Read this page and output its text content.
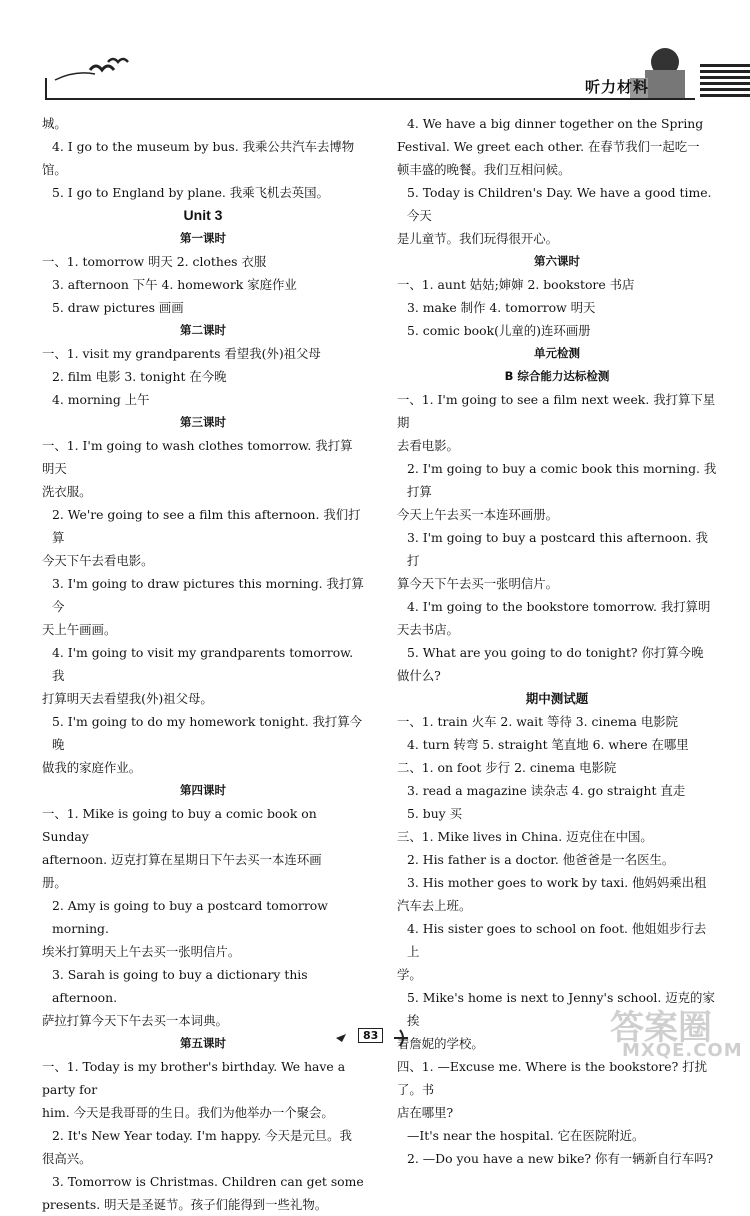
听力材料

城。

4. I go to the museum by bus. 我乘公共汽车去博物

馆。

5. I go to England by plane. 我乘飞机去英国。

Unit 3

第一课时

一、1. tomorrow 明天 2. clothes 衣服

3. afternoon 下午 4. homework 家庭作业

5. draw pictures 画画

第二课时

一、1. visit my grandparents 看望我(外)祖父母

2. film 电影 3. tonight 在今晚

4. morning 上午

第三课时

一、1. I'm going to wash clothes tomorrow. 我打算明天

洗衣服。

2. We're going to see a film this afternoon. 我们打算

今天下午去看电影。

3. I'm going to draw pictures this morning. 我打算今

天上午画画。

4. I'm going to visit my grandparents tomorrow. 我

打算明天去看望我(外)祖父母。

5. I'm going to do my homework tonight. 我打算今晚

做我的家庭作业。

第四课时

一、1. Mike is going to buy a comic book on Sunday

afternoon. 迈克打算在星期日下午去买一本连环画

册。

2. Amy is going to buy a postcard tomorrow morning.

埃米打算明天上午去买一张明信片。

3. Sarah is going to buy a dictionary this afternoon.

萨拉打算今天下午去买一本词典。

第五课时

一、1. Today is my brother's birthday. We have a party for

him. 今天是我哥哥的生日。我们为他举办一个聚会。

2. It's New Year today. I'm happy. 今天是元旦。我

很高兴。

3. Tomorrow is Christmas. Children can get some

presents. 明天是圣诞节。孩子们能得到一些礼物。

4. We have a big dinner together on the Spring

Festival. We greet each other. 在春节我们一起吃一

顿丰盛的晚餐。我们互相问候。

5. Today is Children's Day. We have a good time. 今天

是儿童节。我们玩得很开心。

第六课时

一、1. aunt 姑姑;婶婶 2. bookstore 书店

3. make 制作 4. tomorrow 明天

5. comic book(儿童的)连环画册

单元检测

B 综合能力达标检测

一、1. I'm going to see a film next week. 我打算下星期

去看电影。

2. I'm going to buy a comic book this morning. 我打算

今天上午去买一本连环画册。

3. I'm going to buy a postcard this afternoon. 我打

算今天下午去买一张明信片。

4. I'm going to the bookstore tomorrow. 我打算明

天去书店。

5. What are you going to do tonight? 你打算今晚

做什么?

期中测试题

一、1. train 火车 2. wait 等待 3. cinema 电影院

4. turn 转弯 5. straight 笔直地 6. where 在哪里

二、1. on foot 步行 2. cinema 电影院

3. read a magazine 读杂志 4. go straight 直走

5. buy 买

三、1. Mike lives in China. 迈克住在中国。

2. His father is a doctor. 他爸爸是一名医生。

3. His mother goes to work by taxi. 他妈妈乘出租

汽车去上班。

4. His sister goes to school on foot. 他姐姐步行去上

学。

5. Mike's home is next to Jenny's school. 迈克的家挨

着詹妮的学校。

四、1. —Excuse me. Where is the bookstore? 打扰了。书

店在哪里?

—It's near the hospital. 它在医院附近。

2. —Do you have a new bike? 你有一辆新自行车吗?

83	答案圈
MXQE.COM
